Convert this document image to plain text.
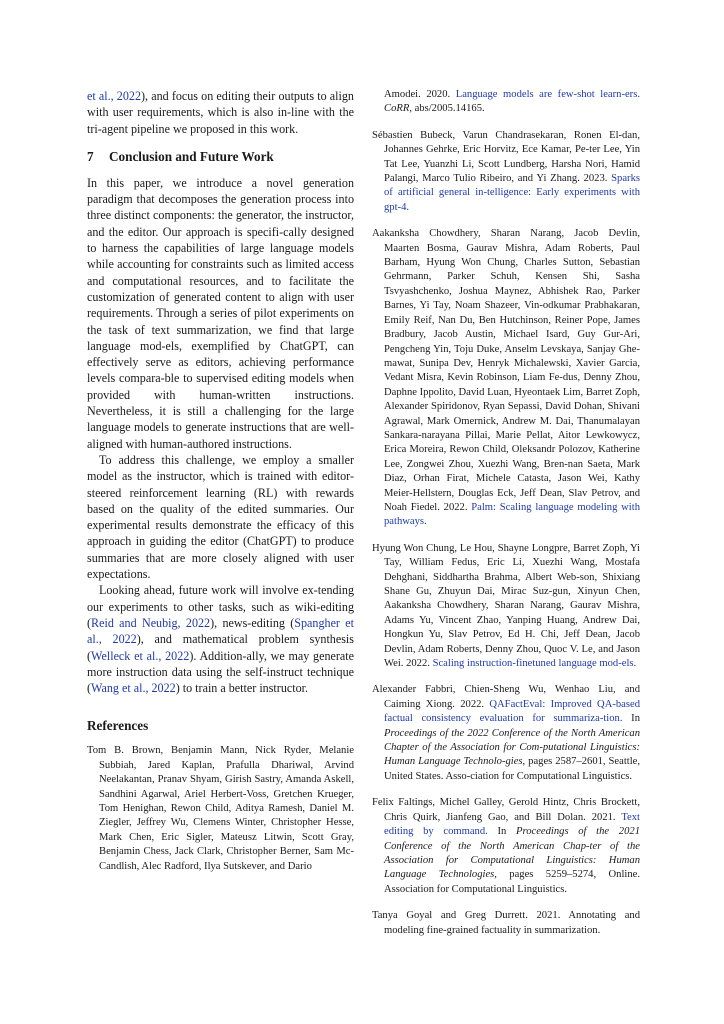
et al., 2022), and focus on editing their outputs to align with user requirements, which is also in-line with the tri-agent pipeline we proposed in this work.

7 Conclusion and Future Work

In this paper, we introduce a novel generation paradigm that decomposes the generation process into three distinct components: the generator, the instructor, and the editor. Our approach is specifi-cally designed to harness the capabilities of large language models while accounting for constraints such as limited access and computational resources, and to facilitate the customization of generated content to align with user requirements. Through a series of pilot experiments on the task of text summarization, we find that large language mod-els, exemplified by ChatGPT, can effectively serve as editors, achieving performance levels compara-ble to supervised editing models when provided with human-written instructions. Nevertheless, it is still a challenging for the large language models to generate instructions that are well-aligned with human-authored instructions.

To address this challenge, we employ a smaller model as the instructor, which is trained with editor-steered reinforcement learning (RL) with rewards based on the quality of the edited summaries. Our experimental results demonstrate the efficacy of this approach in guiding the editor (ChatGPT) to produce summaries that are more closely aligned with user expectations.

Looking ahead, future work will involve ex-tending our experiments to other tasks, such as wiki-editing (Reid and Neubig, 2022), news-editing (Spangher et al., 2022), and mathematical problem synthesis (Welleck et al., 2022). Addition-ally, we may generate more instruction data using the self-instruct technique (Wang et al., 2022) to train a better instructor.

References

Tom B. Brown, Benjamin Mann, Nick Ryder, Melanie Subbiah, Jared Kaplan, Prafulla Dhariwal, Arvind Neelakantan, Pranav Shyam, Girish Sastry, Amanda Askell, Sandhini Agarwal, Ariel Herbert-Voss, Gretchen Krueger, Tom Henighan, Rewon Child, Aditya Ramesh, Daniel M. Ziegler, Jeffrey Wu, Clemens Winter, Christopher Hesse, Mark Chen, Eric Sigler, Mateusz Litwin, Scott Gray, Benjamin Chess, Jack Clark, Christopher Berner, Sam Mc-Candlish, Alec Radford, Ilya Sutskever, and Dario

Amodei. 2020. Language models are few-shot learn-ers. CoRR, abs/2005.14165.

Sébastien Bubeck, Varun Chandrasekaran, Ronen El-dan, Johannes Gehrke, Eric Horvitz, Ece Kamar, Pe-ter Lee, Yin Tat Lee, Yuanzhi Li, Scott Lundberg, Harsha Nori, Hamid Palangi, Marco Tulio Ribeiro, and Yi Zhang. 2023. Sparks of artificial general in-telligence: Early experiments with gpt-4.

Aakanksha Chowdhery, Sharan Narang, Jacob Devlin, Maarten Bosma, Gaurav Mishra, Adam Roberts, Paul Barham, Hyung Won Chung, Charles Sutton, Sebastian Gehrmann, Parker Schuh, Kensen Shi, Sasha Tsvyashchenko, Joshua Maynez, Abhishek Rao, Parker Barnes, Yi Tay, Noam Shazeer, Vin-odkumar Prabhakaran, Emily Reif, Nan Du, Ben Hutchinson, Reiner Pope, James Bradbury, Jacob Austin, Michael Isard, Guy Gur-Ari, Pengcheng Yin, Toju Duke, Anselm Levskaya, Sanjay Ghe-mawat, Sunipa Dev, Henryk Michalewski, Xavier Garcia, Vedant Misra, Kevin Robinson, Liam Fe-dus, Denny Zhou, Daphne Ippolito, David Luan, Hyeontaek Lim, Barret Zoph, Alexander Spiridonov, Ryan Sepassi, David Dohan, Shivani Agrawal, Mark Omernick, Andrew M. Dai, Thanumalayan Sankara-narayana Pillai, Marie Pellat, Aitor Lewkowycz, Erica Moreira, Rewon Child, Oleksandr Polozov, Katherine Lee, Zongwei Zhou, Xuezhi Wang, Bren-nan Saeta, Mark Diaz, Orhan Firat, Michele Catasta, Jason Wei, Kathy Meier-Hellstern, Douglas Eck, Jeff Dean, Slav Petrov, and Noah Fiedel. 2022. Palm: Scaling language modeling with pathways.

Hyung Won Chung, Le Hou, Shayne Longpre, Barret Zoph, Yi Tay, William Fedus, Eric Li, Xuezhi Wang, Mostafa Dehghani, Siddhartha Brahma, Albert Web-son, Shixiang Shane Gu, Zhuyun Dai, Mirac Suz-gun, Xinyun Chen, Aakanksha Chowdhery, Sharan Narang, Gaurav Mishra, Adams Yu, Vincent Zhao, Yanping Huang, Andrew Dai, Hongkun Yu, Slav Petrov, Ed H. Chi, Jeff Dean, Jacob Devlin, Adam Roberts, Denny Zhou, Quoc V. Le, and Jason Wei. 2022. Scaling instruction-finetuned language mod-els.

Alexander Fabbri, Chien-Sheng Wu, Wenhao Liu, and Caiming Xiong. 2022. QAFactEval: Improved QA-based factual consistency evaluation for summariza-tion. In Proceedings of the 2022 Conference of the North American Chapter of the Association for Com-putational Linguistics: Human Language Technolo-gies, pages 2587–2601, Seattle, United States. Asso-ciation for Computational Linguistics.

Felix Faltings, Michel Galley, Gerold Hintz, Chris Brockett, Chris Quirk, Jianfeng Gao, and Bill Dolan. 2021. Text editing by command. In Proceedings of the 2021 Conference of the North American Chap-ter of the Association for Computational Linguistics: Human Language Technologies, pages 5259–5274, Online. Association for Computational Linguistics.

Tanya Goyal and Greg Durrett. 2021. Annotating and modeling fine-grained factuality in summarization.
